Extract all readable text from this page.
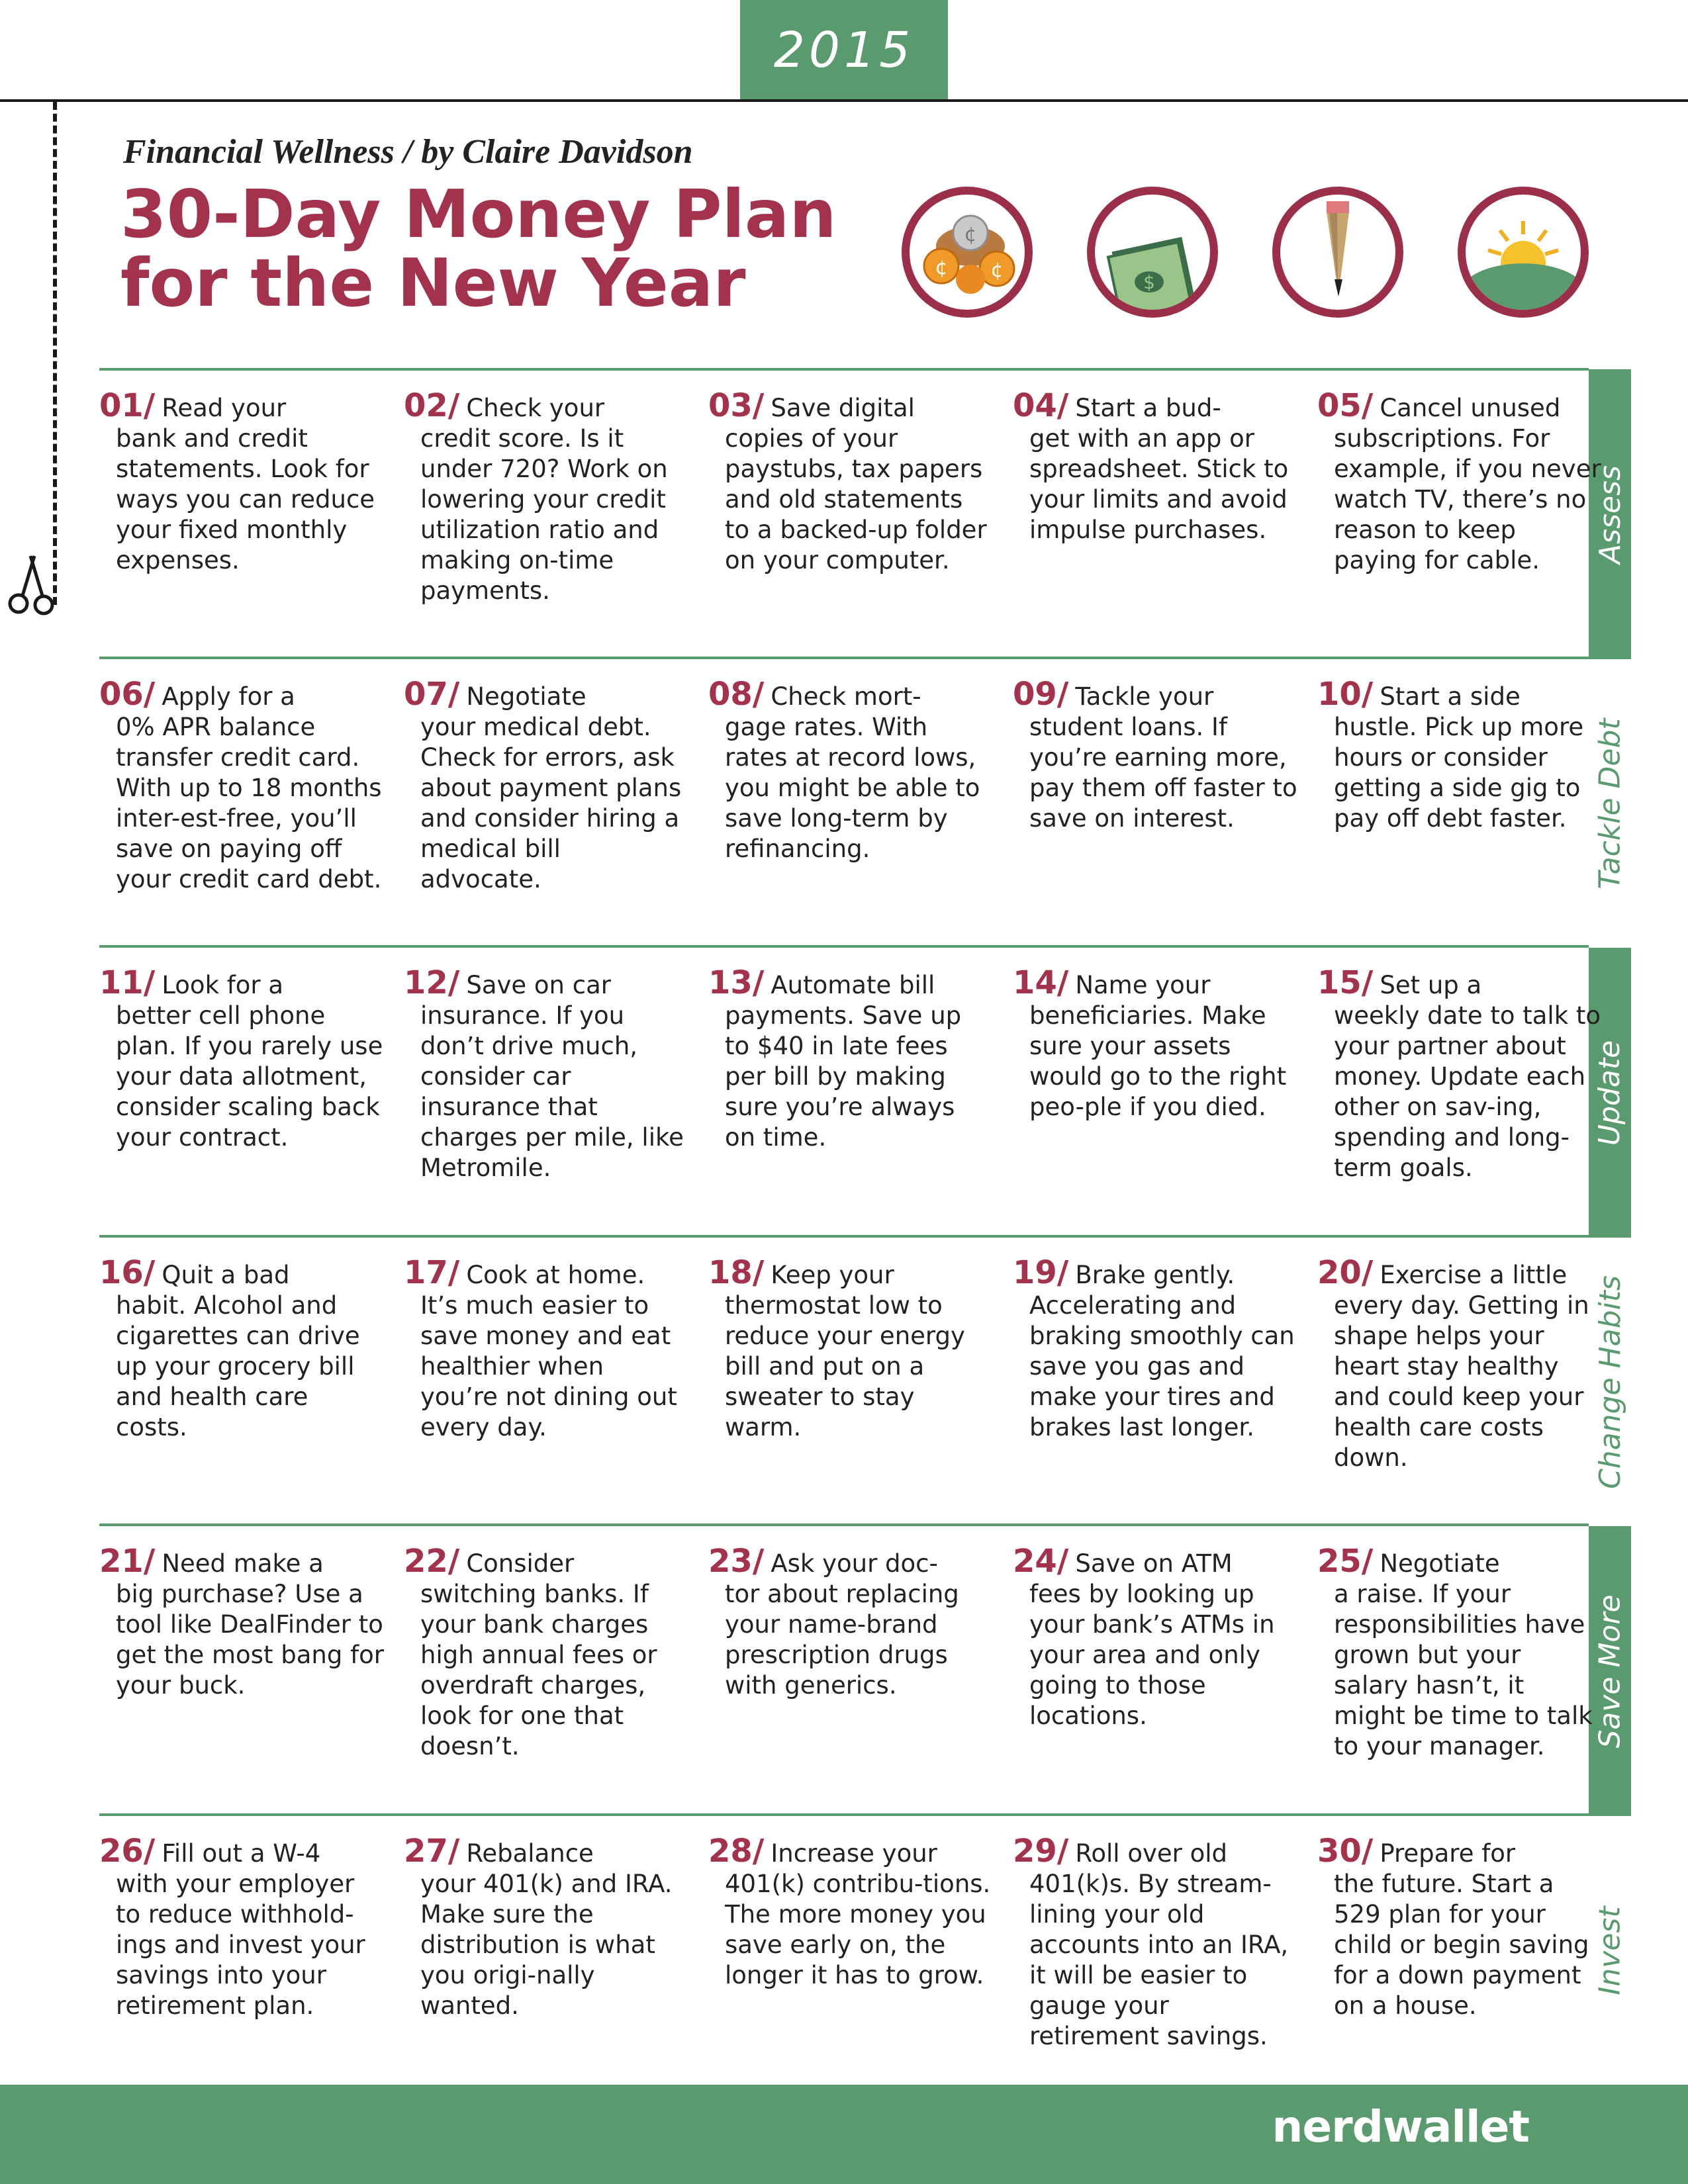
2015
Financial Wellness / by Claire Davidson
30-Day Money Plan
for the New Year
¢
¢ ¢
$
Assess
Tackle Debt
Update
Change Habits
Save More
Invest
01/ Read your
bank and credit statements. Look for ways you can reduce your fixed monthly expenses.
02/ Check your
credit score. Is it under 720? Work on lowering your credit utilization ratio and making on-time payments.
03/ Save digital
copies of your paystubs, tax papers and old statements to a backed-up folder on your computer.
04/ Start a bud-
get with an app or spreadsheet. Stick to your limits and avoid impulse purchases.
05/ Cancel unused
subscriptions. For example, if you never watch TV, there’s no reason to keep paying for cable.
06/ Apply for a
0% APR balance transfer credit card. With up to 18 months inter-est-free, you’ll save on paying off your credit card debt.
07/ Negotiate
your medical debt. Check for errors, ask about payment plans and consider hiring a medical bill advocate.
08/ Check mort-
gage rates. With rates at record lows, you might be able to save long-term by refinancing.
09/ Tackle your
student loans. If you’re earning more, pay them off faster to save on interest.
10/ Start a side
hustle. Pick up more hours or consider getting a side gig to pay off debt faster.
11/ Look for a
better cell phone plan. If you rarely use your data allotment, consider scaling back your contract.
12/ Save on car
insurance. If you don’t drive much, consider car insurance that charges per mile, like Metromile.
13/ Automate bill
payments. Save up to $40 in late fees per bill by making sure you’re always on time.
14/ Name your
beneficiaries. Make sure your assets would go to the right peo-ple if you died.
15/ Set up a
weekly date to talk to your partner about money. Update each other on sav-ing, spending and long-term goals.
16/ Quit a bad
habit. Alcohol and cigarettes can drive up your grocery bill and health care costs.
17/ Cook at home.
It’s much easier to save money and eat healthier when you’re not dining out every day.
18/ Keep your
thermostat low to reduce your energy bill and put on a sweater to stay warm.
19/ Brake gently.
Accelerating and braking smoothly can save you gas and make your tires and brakes last longer.
20/ Exercise a little
every day. Getting in shape helps your heart stay healthy and could keep your health care costs down.
21/ Need make a
big purchase? Use a tool like DealFinder to get the most bang for your buck.
22/ Consider
switching banks. If your bank charges high annual fees or overdraft charges, look for one that doesn’t.
23/ Ask your doc-
tor about replacing your name-brand prescription drugs with generics.
24/ Save on ATM
fees by looking up your bank’s ATMs in your area and only going to those locations.
25/ Negotiate
a raise. If your responsibilities have grown but your salary hasn’t, it might be time to talk to your manager.
26/ Fill out a W-4
with your employer to reduce withhold-ings and invest your savings into your retirement plan.
27/ Rebalance
your 401(k) and IRA. Make sure the distribution is what you origi-nally wanted.
28/ Increase your
401(k) contribu-tions. The more money you save early on, the longer it has to grow.
29/ Roll over old
401(k)s. By stream-lining your old accounts into an IRA, it will be easier to gauge your retirement savings.
30/ Prepare for
the future. Start a 529 plan for your child or begin saving for a down payment on a house.
nerdwallet
